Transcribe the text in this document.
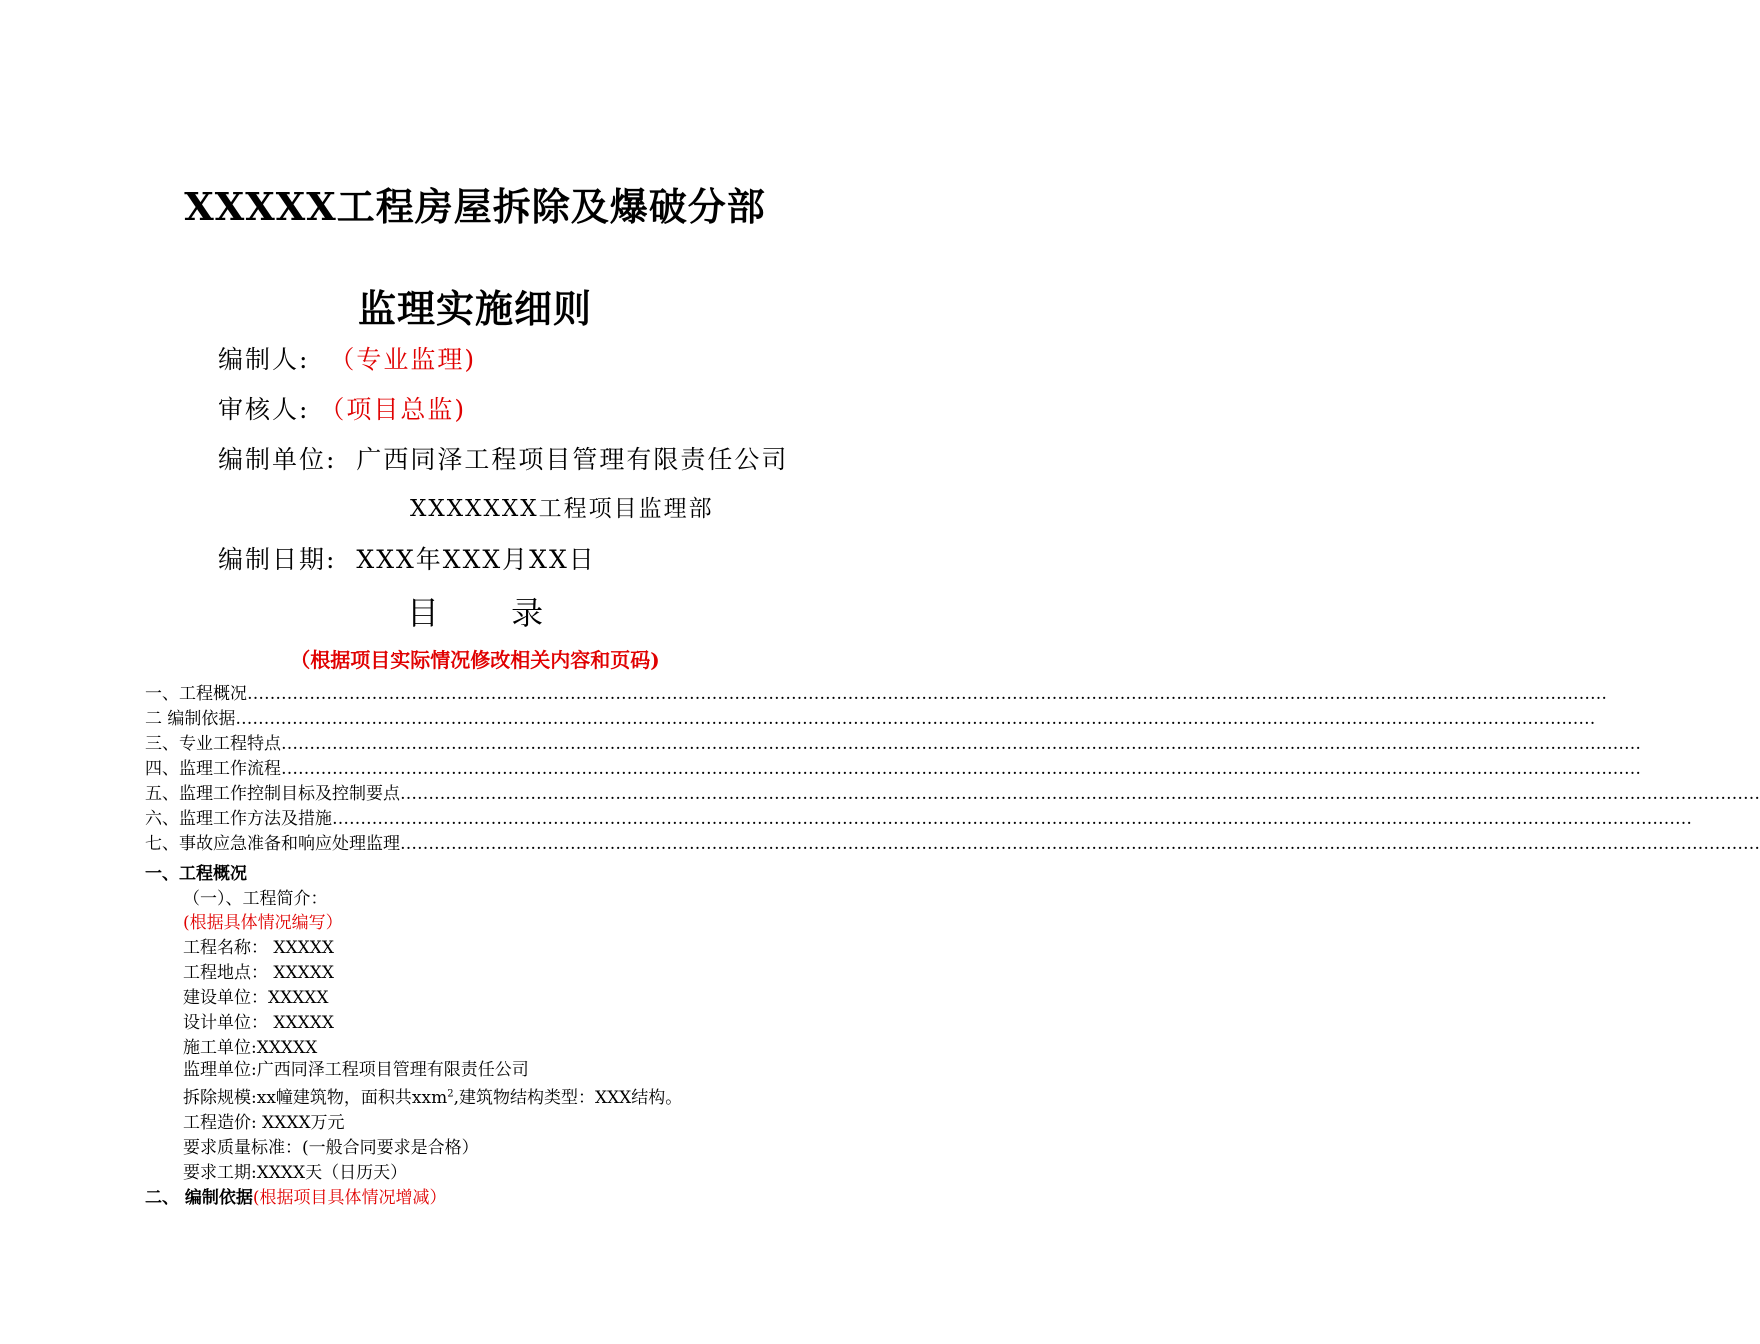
XXXXX工程房屋拆除及爆破分部
监理实施细则
编制人: （专业监理)
审核人: （项目总监)
编制单位: 广西同泽工程项目管理有限责任公司
XXXXXXX工程项目监理部
编制日期: XXX年XXX月XX日
目 录
（根据项目实际情况修改相关内容和页码)
一、工程概况 ……………………………………………………………………………………………………………………………………………………………………………………………………………………
二 编制依据 ……………………………………………………………………………………………………………………………………………………………………………………………………………………
三、专业工程特点 ……………………………………………………………………………………………………………………………………………………………………………………………………………………
四、监理工作流程 ……………………………………………………………………………………………………………………………………………………………………………………………………………………
五、监理工作控制目标及控制要点 ……………………………………………………………………………………………………………………………………………………………………………………………………………………
六、监理工作方法及措施 ……………………………………………………………………………………………………………………………………………………………………………………………………………………
七、事故应急准备和响应处理监理 ……………………………………………………………………………………………………………………………………………………………………………………………………………………
一、工程概况
（一）、工程简介：
(根据具体情况编写）
工程名称： XXXXX
工程地点： XXXXX
建设单位：XXXXX
设计单位： XXXXX
施工单位:XXXXX
监理单位:广西同泽工程项目管理有限责任公司
拆除规模:xx幢建筑物，面积共xxm$^2$,建筑物结构类型：XXX结构。
工程造价: XXXX万元
要求质量标准：(一般合同要求是合格）
要求工期:XXXX天（日历天）
二、 编制依据(根据项目具体情况增减）
